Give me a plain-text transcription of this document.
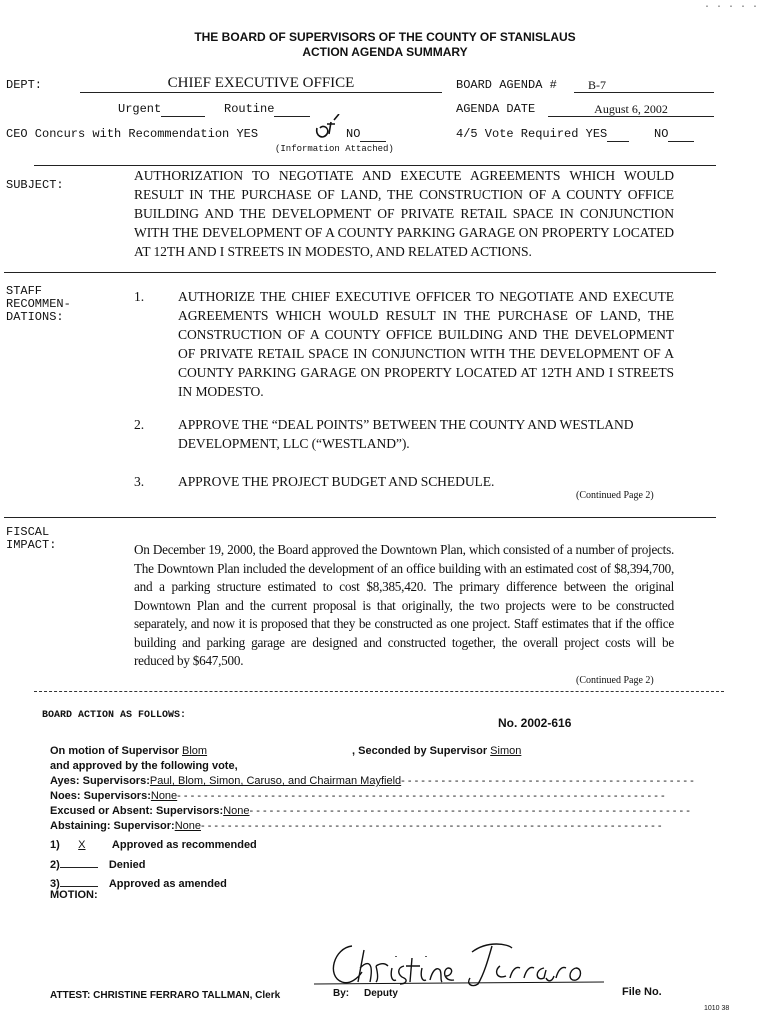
. . . . .
THE BOARD OF SUPERVISORS OF THE COUNTY OF STANISLAUS
ACTION AGENDA SUMMARY
DEPT:	CHIEF EXECUTIVE OFFICE	BOARD AGENDA #	B-7
Urgent	Routine	AGENDA DATE	August 6, 2002
CEO Concurs with Recommendation YES	NO
(Information Attached)
4/5 Vote Required YES	NO
SUBJECT:
AUTHORIZATION TO NEGOTIATE AND EXECUTE AGREEMENTS WHICH WOULD RESULT IN THE PURCHASE OF LAND, THE CONSTRUCTION OF A COUNTY OFFICE BUILDING AND THE DEVELOPMENT OF PRIVATE RETAIL SPACE IN CONJUNCTION WITH THE DEVELOPMENT OF A COUNTY PARKING GARAGE ON PROPERTY LOCATED AT 12TH AND I STREETS IN MODESTO, AND RELATED ACTIONS.
STAFF
RECOMMEN-
DATIONS:
1.	AUTHORIZE THE CHIEF EXECUTIVE OFFICER TO NEGOTIATE AND EXECUTE AGREEMENTS WHICH WOULD RESULT IN THE PURCHASE OF LAND, THE CONSTRUCTION OF A COUNTY OFFICE BUILDING AND THE DEVELOPMENT OF PRIVATE RETAIL SPACE IN CONJUNCTION WITH THE DEVELOPMENT OF A COUNTY PARKING GARAGE ON PROPERTY LOCATED AT 12TH AND I STREETS IN MODESTO.
2.	APPROVE THE “DEAL POINTS” BETWEEN THE COUNTY AND WESTLAND DEVELOPMENT, LLC (“WESTLAND”).
3.	APPROVE THE PROJECT BUDGET AND SCHEDULE.
(Continued Page 2)
FISCAL
IMPACT:	On December 19, 2000, the Board approved the Downtown Plan, which consisted of a number of projects. The Downtown Plan included the development of an office building with an estimated cost of $8,394,700, and a parking structure estimated to cost $8,385,420. The primary difference between the original Downtown Plan and the current proposal is that originally, the two projects were to be constructed separately, and now it is proposed that they be constructed as one project. Staff estimates that if the office building and parking garage are designed and constructed together, the overall project costs will be reduced by $647,500.
(Continued Page 2)
BOARD ACTION AS FOLLOWS:
No. 2002-616
On motion of Supervisor Blom	, Seconded by Supervisor Simon
and approved by the following vote,
Ayes: Supervisors:Paul, Blom, Simon, Caruso, and Chairman Mayfield- - - - - - - - - - - - - - - - - - - - - - - - - - - - - - - - - - - - - - - - - - - -
Noes: Supervisors:None- - - - - - - - - - - - - - - - - - - - - - - - - - - - - - - - - - - - - - - - - - - - - - - - - - - - - - - - - - - - - - - - - - - - - - - - -
Excused or Absent: Supervisors:None- - - - - - - - - - - - - - - - - - - - - - - - - - - - - - - - - - - - - - - - - - - - - - - - - - - - - - - - - - - - - - - - - -
Abstaining: Supervisor:None- - - - - - - - - - - - - - - - - - - - - - - - - - - - - - - - - - - - - - - - - - - - - - - - - - - - - - - - - - - - - - - - - - - - -
1) X Approved as recommended
2)	Denied
3)	Approved as amended
MOTION:
ATTEST: CHRISTINE FERRARO TALLMAN, Clerk	By: Deputy	File No.
1010 38
